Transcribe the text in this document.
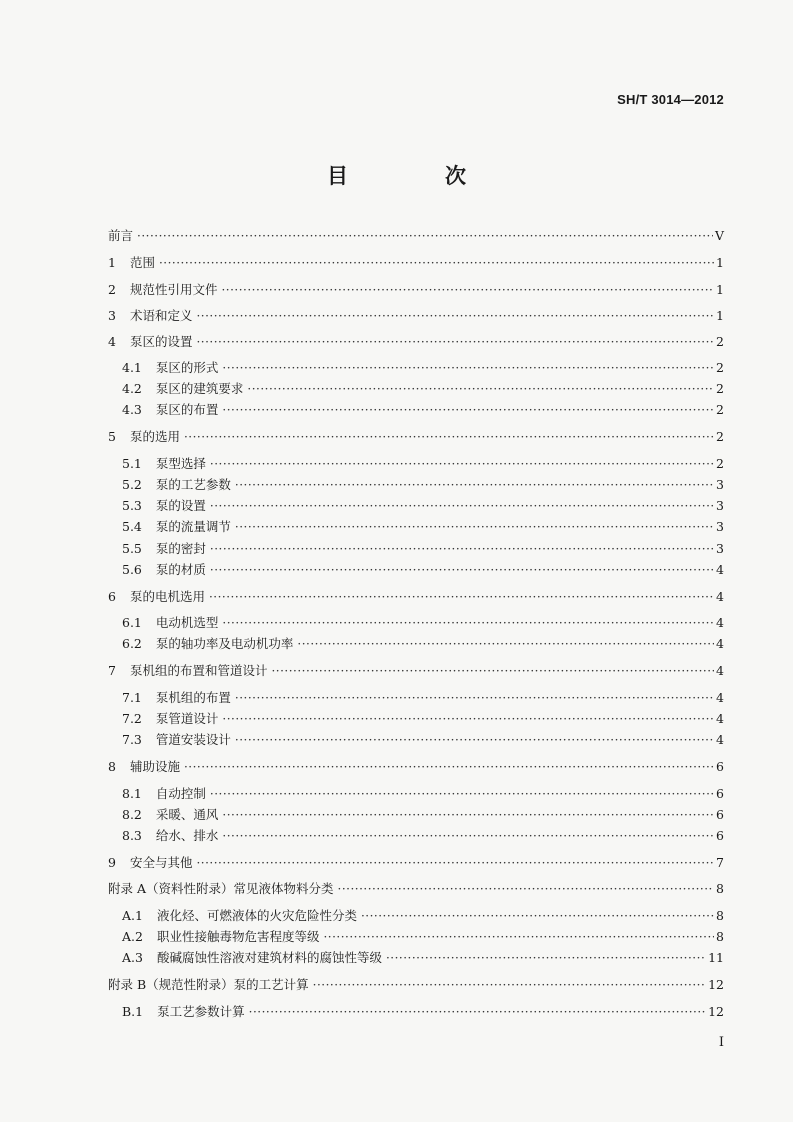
SH/T 3014—2012
目　次
前言 ·····	V
1 范围 ·····	1
2 规范性引用文件 ·····	1
3 术语和定义 ·····	1
4 泵区的设置 ·····	2
4.1 泵区的形式 ·····	2
4.2 泵区的建筑要求 ·····	2
4.3 泵区的布置 ·····	2
5 泵的选用 ·····	2
5.1 泵型选择 ·····	2
5.2 泵的工艺参数 ·····	3
5.3 泵的设置 ·····	3
5.4 泵的流量调节 ·····	3
5.5 泵的密封 ·····	3
5.6 泵的材质 ·····	4
6 泵的电机选用 ·····	4
6.1 电动机选型 ·····	4
6.2 泵的轴功率及电动机功率 ·····	4
7 泵机组的布置和管道设计 ·····	4
7.1 泵机组的布置 ·····	4
7.2 泵管道设计 ·····	4
7.3 管道安装设计 ·····	4
8 辅助设施 ·····	6
8.1 自动控制 ·····	6
8.2 采暖、通风 ·····	6
8.3 给水、排水 ·····	6
9 安全与其他 ·····	7
附录 A（资料性附录）常见液体物料分类 ·····	8
A.1 液化烃、可燃液体的火灾危险性分类 ·····	8
A.2 职业性接触毒物危害程度等级 ·····	8
A.3 酸碱腐蚀性溶液对建筑材料的腐蚀性等级 ·····	11
附录 B（规范性附录）泵的工艺计算 ·····	12
B.1 泵工艺参数计算 ·····	12
I
